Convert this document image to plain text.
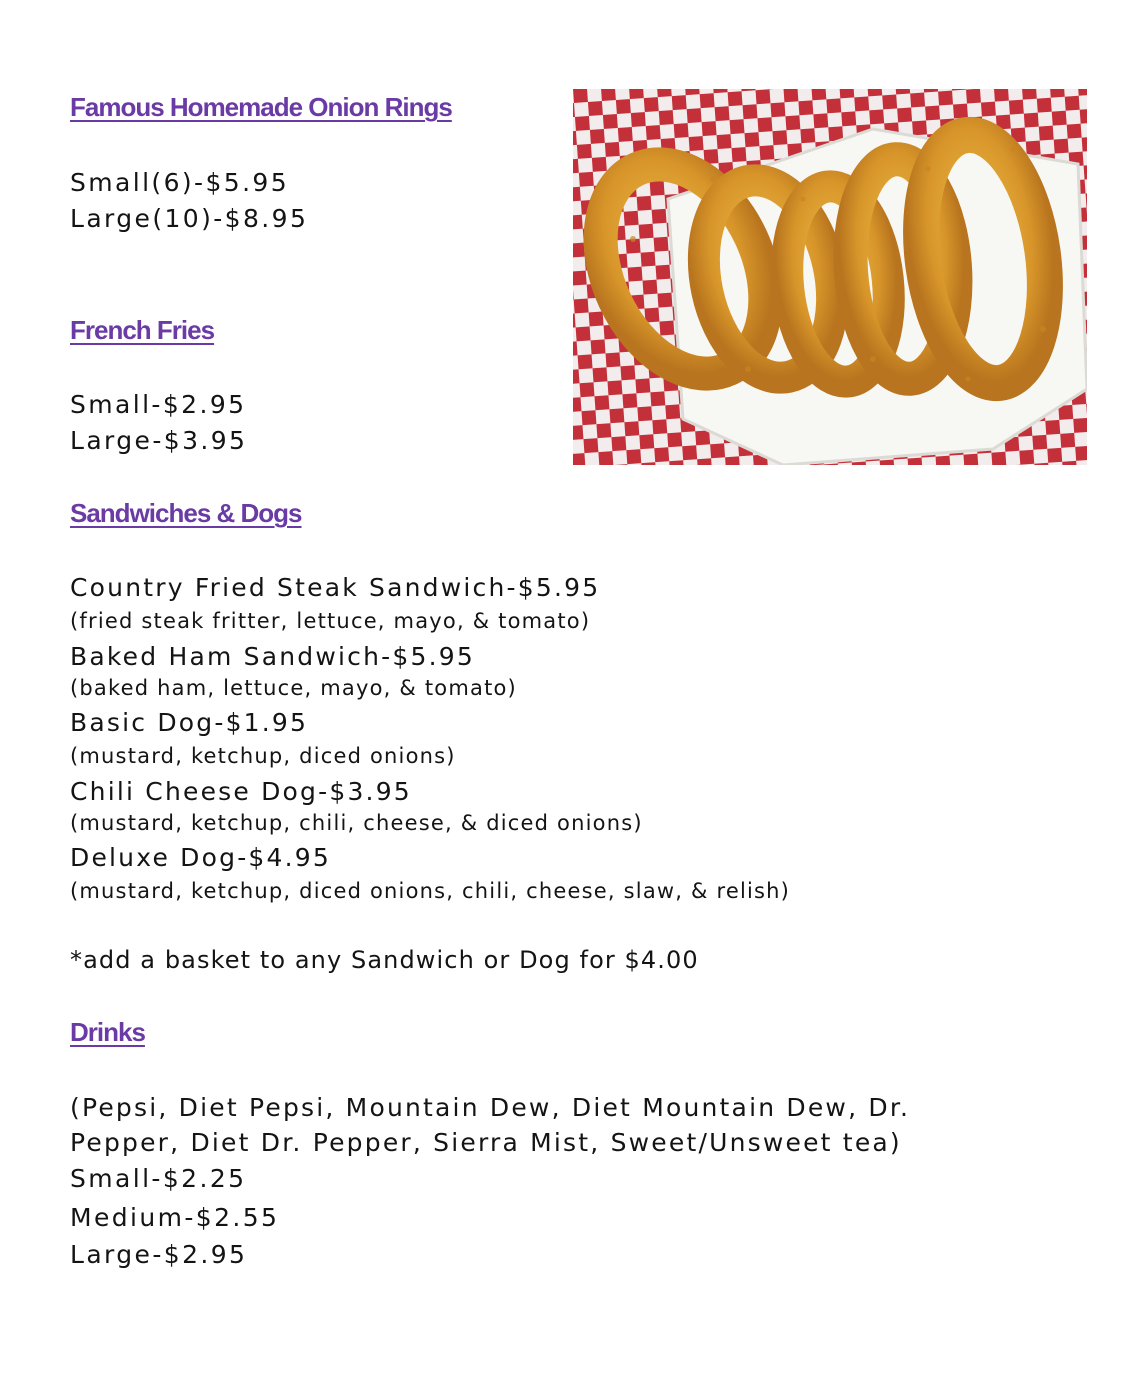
Famous Homemade Onion Rings
Small(6)-$5.95
Large(10)-$8.95
French Fries
Small-$2.95
Large-$3.95
Sandwiches & Dogs
Country Fried Steak Sandwich-$5.95
(fried steak fritter, lettuce, mayo, & tomato)
Baked Ham Sandwich-$5.95
(baked ham, lettuce, mayo, & tomato)
Basic Dog-$1.95
(mustard, ketchup, diced onions)
Chili Cheese Dog-$3.95
(mustard, ketchup, chili, cheese, & diced onions)
Deluxe Dog-$4.95
(mustard, ketchup, diced onions, chili, cheese, slaw, & relish)
*add a basket to any Sandwich or Dog for $4.00
Drinks
(Pepsi, Diet Pepsi, Mountain Dew, Diet Mountain Dew, Dr.
Pepper, Diet Dr. Pepper, Sierra Mist, Sweet/Unsweet tea)
Small-$2.25
Medium-$2.55
Large-$2.95
